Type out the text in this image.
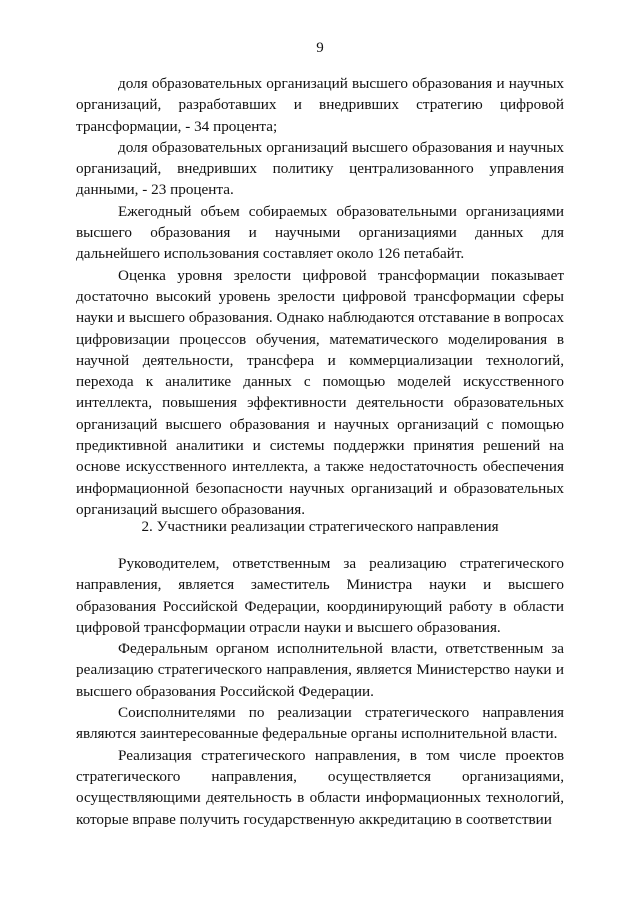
9

доля образовательных организаций высшего образования и научных организаций, разработавших и внедривших стратегию цифровой трансформации, - 34 процента;

доля образовательных организаций высшего образования и научных организаций, внедривших политику централизованного управления данными, - 23 процента.

Ежегодный объем собираемых образовательными организациями высшего образования и научными организациями данных для дальнейшего использования составляет около 126 петабайт.

Оценка уровня зрелости цифровой трансформации показывает достаточно высокий уровень зрелости цифровой трансформации сферы науки и высшего образования. Однако наблюдаются отставание в вопросах цифровизации процессов обучения, математического моделирования в научной деятельности, трансфера и коммерциализации технологий, перехода к аналитике данных с помощью моделей искусственного интеллекта, повышения эффективности деятельности образовательных организаций высшего образования и научных организаций с помощью предиктивной аналитики и системы поддержки принятия решений на основе искусственного интеллекта, а также недостаточность обеспечения информационной безопасности научных организаций и образовательных организаций высшего образования.

2. Участники реализации стратегического направления

Руководителем, ответственным за реализацию стратегического направления, является заместитель Министра науки и высшего образования Российской Федерации, координирующий работу в области цифровой трансформации отрасли науки и высшего образования.

Федеральным органом исполнительной власти, ответственным за реализацию стратегического направления, является Министерство науки и высшего образования Российской Федерации.

Соисполнителями по реализации стратегического направления являются заинтересованные федеральные органы исполнительной власти.

Реализация стратегического направления, в том числе проектов стратегического направления, осуществляется организациями, осуществляющими деятельность в области информационных технологий, которые вправе получить государственную аккредитацию в соответствии
